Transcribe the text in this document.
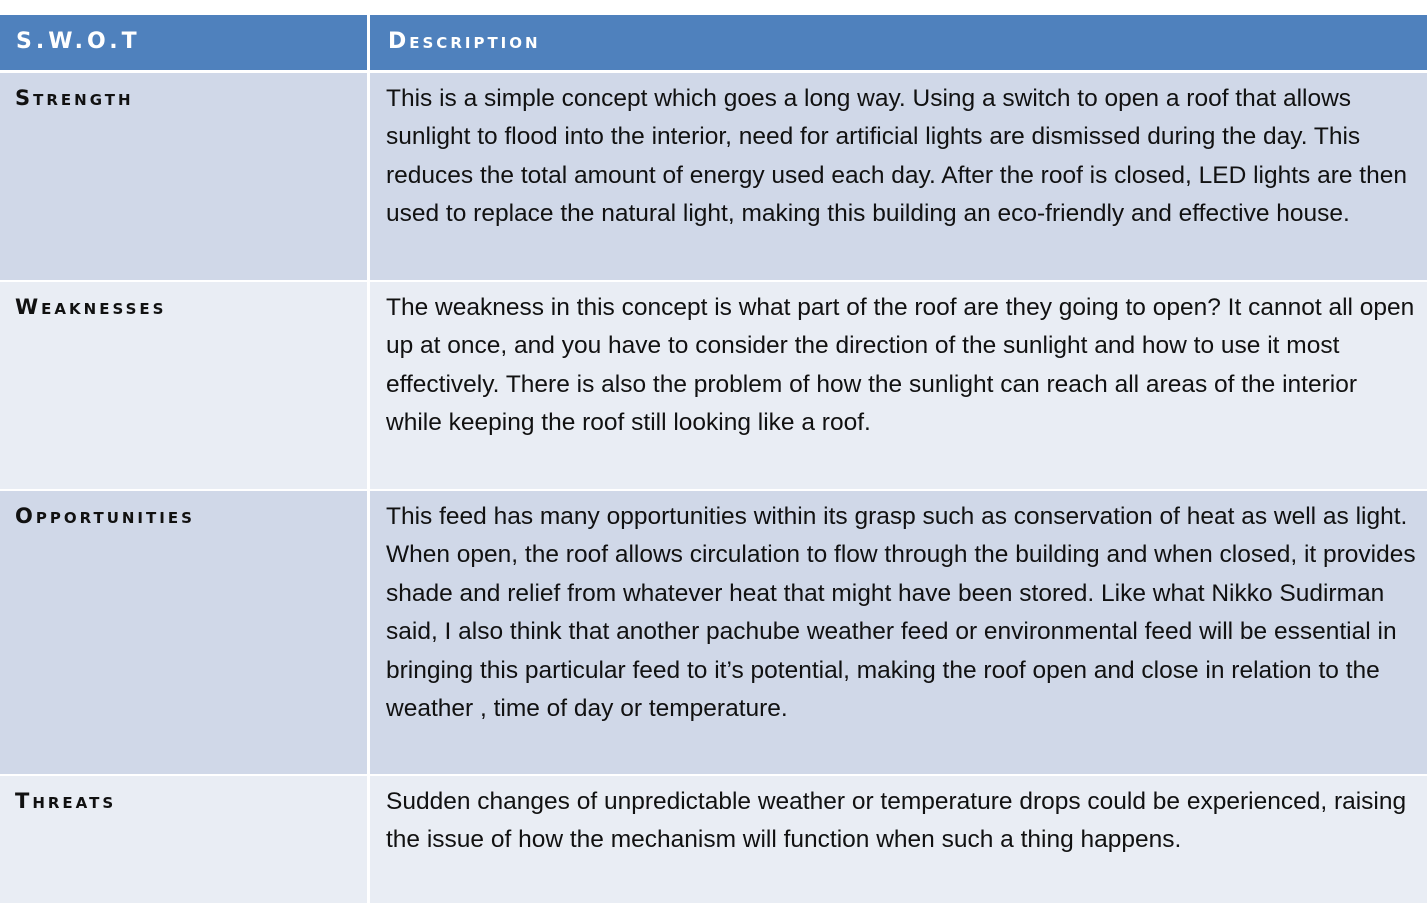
S.W.O.T	Description
Strength	This is a simple concept which goes a long way. Using a switch to open a roof that allows sunlight to flood into the interior, need for artificial lights are dismissed during the day. This reduces the total amount of energy used each day. After the roof is closed, LED lights are then used to replace the natural light, making this building an eco-friendly and effective house.
Weaknesses	The weakness in this concept is what part of the roof are they going to open? It cannot all open up at once, and you have to consider the direction of the sunlight and how to use it most effectively. There is also the problem of how the sunlight can reach all areas of the interior while keeping the roof still looking like a roof.
Opportunities	This feed has many opportunities within its grasp such as conservation of heat as well as light. When open, the roof allows circulation to flow through the building and when closed, it provides shade and relief from whatever heat that might have been stored. Like what Nikko Sudirman said, I also think that another pachube weather feed or environmental feed will be essential in bringing this particular feed to it’s potential, making the roof open and close in relation to the weather , time of day or temperature.
Threats	Sudden changes of unpredictable weather or temperature drops could be experienced, raising the issue of how the mechanism will function when such a thing happens.
